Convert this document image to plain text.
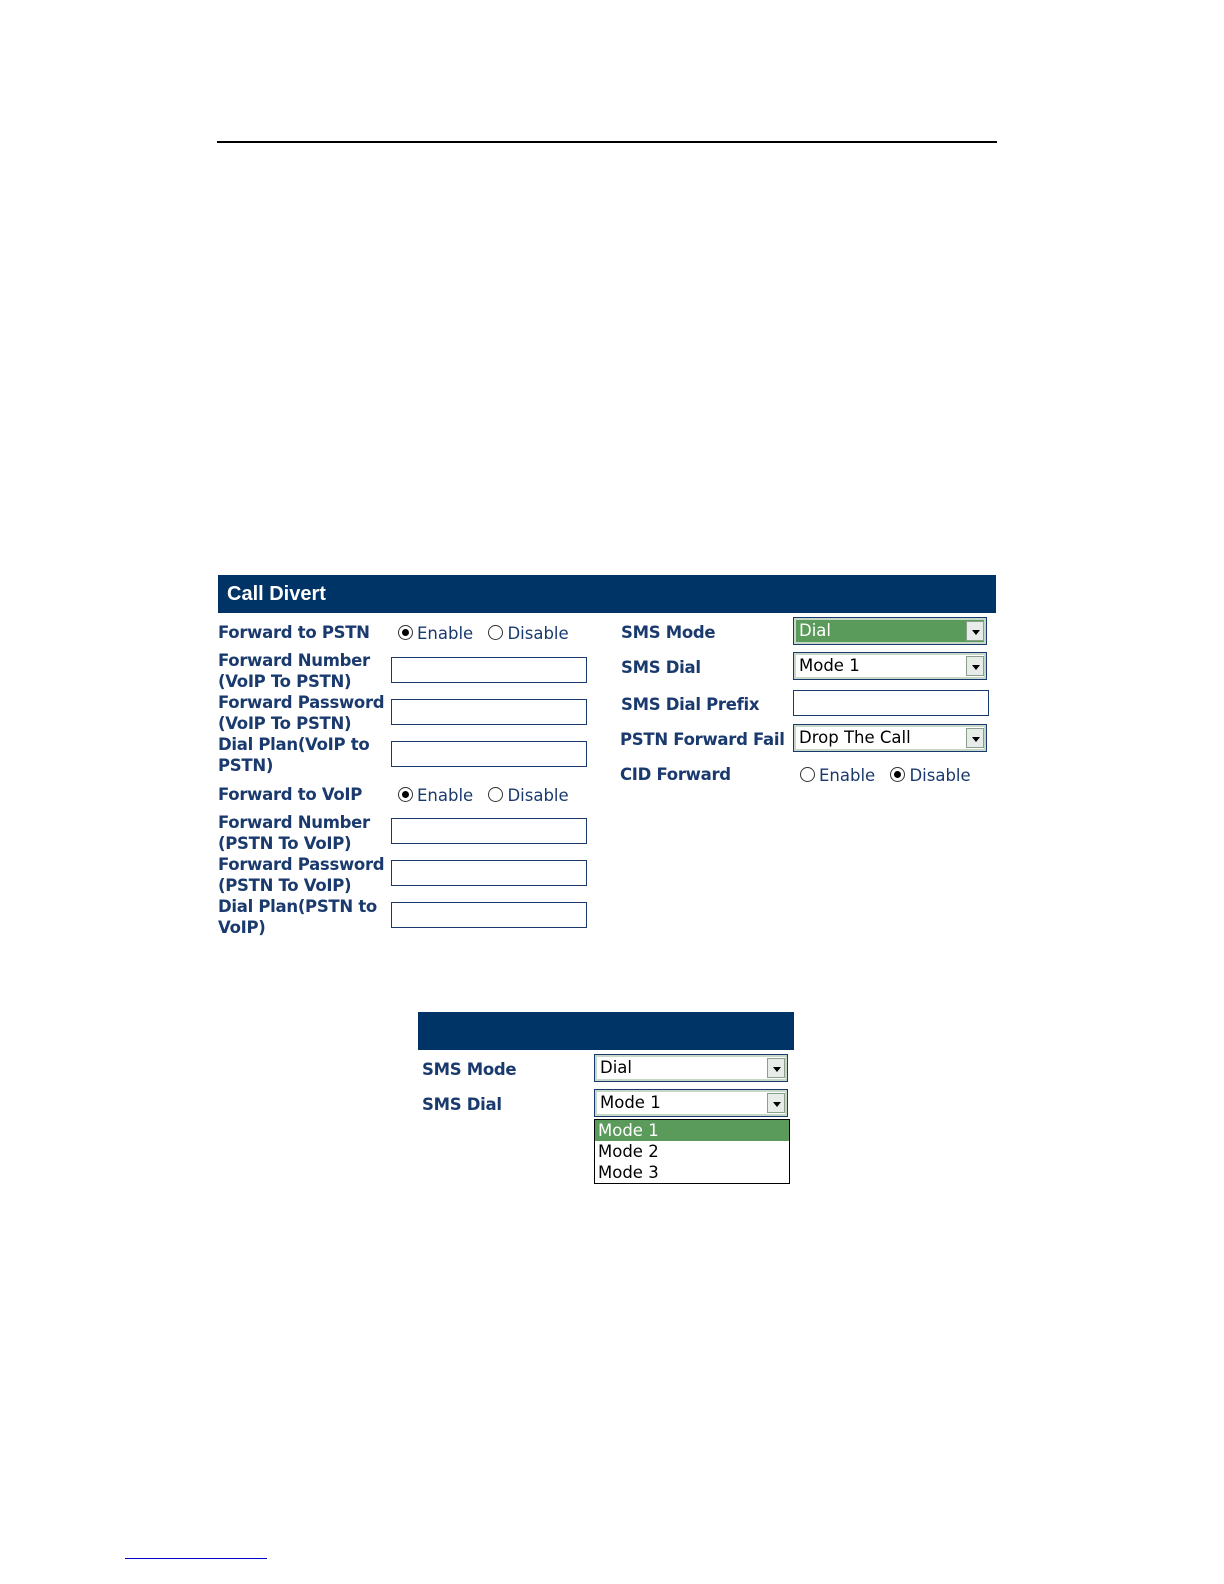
Call Divert
Forward to PSTN	Enable Disable
Forward Number
(VoIP To PSTN)
Forward Password
(VoIP To PSTN)
Dial Plan(VoIP to
PSTN)
Forward to VoIP	Enable Disable
Forward Number
(PSTN To VoIP)
Forward Password
(PSTN To VoIP)
Dial Plan(PSTN to
VoIP)
SMS Mode	Dial
SMS Dial	Mode 1
SMS Dial Prefix
PSTN Forward Fail Drop The Call
CID Forward	Enable Disable
SMS Mode	Dial
SMS Dial	Mode 1
Mode 1
Mode 2
Mode 3
